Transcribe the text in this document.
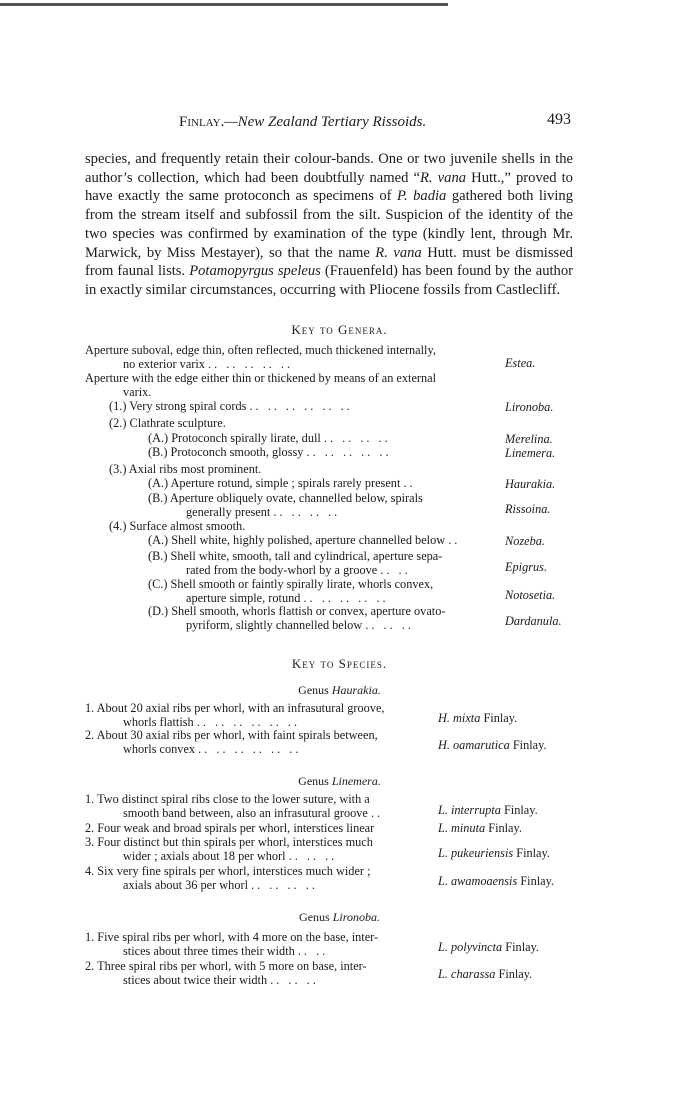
Finlay.—New Zealand Tertiary Rissoids.	493

species, and frequently retain their colour-bands. One or two juvenile shells in the author’s collection, which had been doubtfully named “R. vana Hutt.,” proved to have exactly the same protoconch as specimens of P. badia gathered both living from the stream itself and subfossil from the silt. Suspicion of the identity of the two species was confirmed by examination of the type (kindly lent, through Mr. Marwick, by Miss Mestayer), so that the name R. vana Hutt. must be dismissed from faunal lists. Potamopyrgus speleus (Frauenfeld) has been found by the author in exactly similar circumstances, occurring with Pliocene fossils from Castlecliff.

Key to Genera.
Aperture suboval, edge thin, often reflected, much thickened internally,
no exterior varix .. .. .. .. ..	Estea.
Aperture with the edge either thin or thickened by means of an external
varix.
(1.) Very strong spiral cords .. .. .. .. .. ..	Lironoba.
(2.) Clathrate sculpture.
(A.) Protoconch spirally lirate, dull .. .. .. ..	Merelina.
(B.) Protoconch smooth, glossy .. .. .. .. ..	Linemera.
(3.) Axial ribs most prominent.
(A.) Aperture rotund, simple ; spirals rarely present ..	Haurakia.
(B.) Aperture obliquely ovate, channelled below, spirals
generally present .. .. .. ..	Rissoina.
(4.) Surface almost smooth.
(A.) Shell white, highly polished, aperture channelled below ..	Nozeba.
(B.) Shell white, smooth, tall and cylindrical, aperture sepa-
rated from the body-whorl by a groove .. ..	Epigrus.
(C.) Shell smooth or faintly spirally lirate, whorls convex,
aperture simple, rotund .. .. .. .. ..	Notosetia.
(D.) Shell smooth, whorls flattish or convex, aperture ovato-
pyriform, slightly channelled below .. .. ..	Dardanula.
Key to Species.
Genus Haurakia.
1. About 20 axial ribs per whorl, with an infrasutural groove,
whorls flattish .. .. .. .. .. ..	H. mixta Finlay.
2. About 30 axial ribs per whorl, with faint spirals between,
whorls convex .. .. .. .. .. ..	H. oamarutica Finlay.
Genus Linemera.
1. Two distinct spiral ribs close to the lower suture, with a
smooth band between, also an infrasutural groove ..	L. interrupta Finlay.
2. Four weak and broad spirals per whorl, interstices linear	L. minuta Finlay.
3. Four distinct but thin spirals per whorl, interstices much
wider ; axials about 18 per whorl .. .. ..	L. pukeuriensis Finlay.
4. Six very fine spirals per whorl, interstices much wider ;
axials about 36 per whorl .. .. .. ..	L. awamoaensis Finlay.
Genus Lironoba.
1. Five spiral ribs per whorl, with 4 more on the base, inter-
stices about three times their width .. ..	L. polyvincta Finlay.
2. Three spiral ribs per whorl, with 5 more on base, inter-
stices about twice their width .. .. ..	L. charassa Finlay.
